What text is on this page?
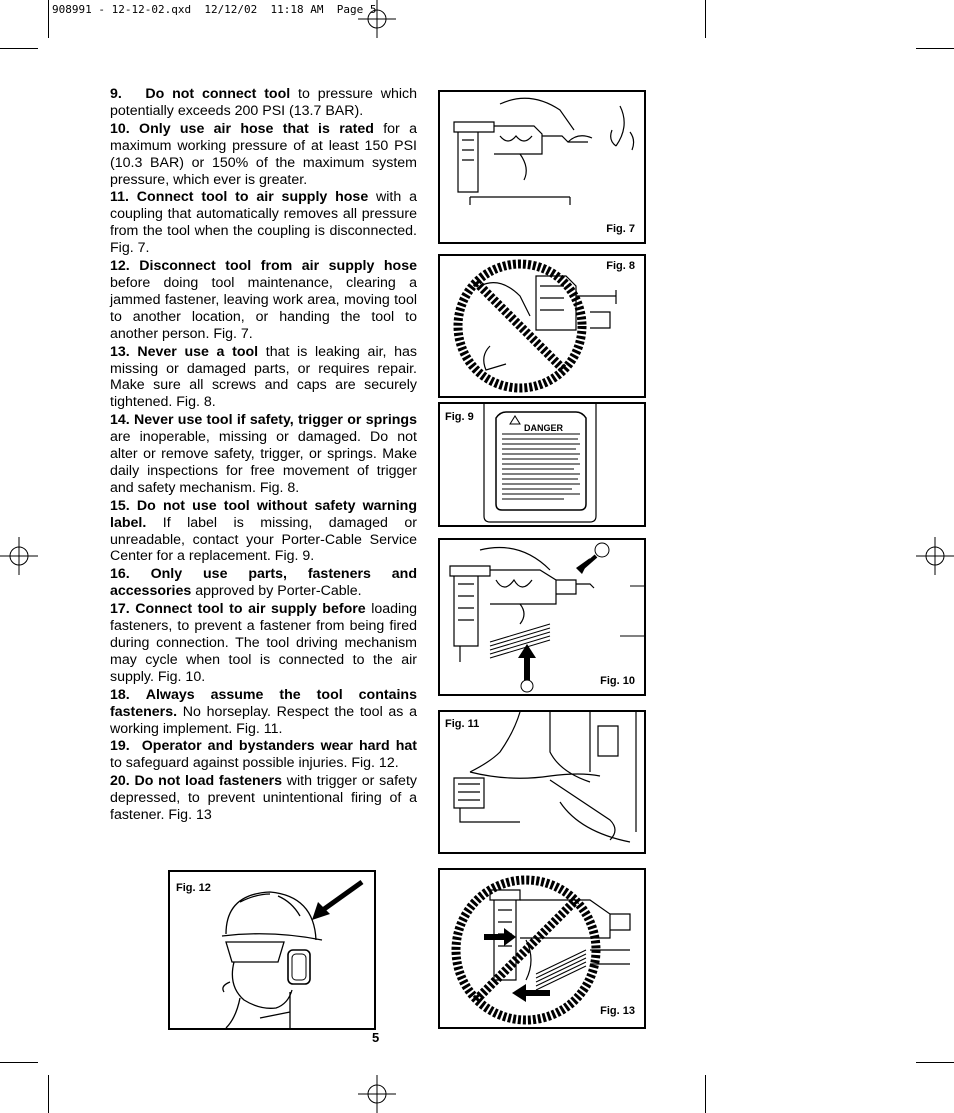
908991 - 12-12-02.qxd  12/12/02  11:18 AM  Page 5

9. Do not connect tool to pressure which potentially exceeds 200 PSI (13.7 BAR).

10. Only use air hose that is rated for a maximum working pressure of at least 150 PSI (10.3 BAR) or 150% of the maximum system pressure, which ever is greater.

11. Connect tool to air supply hose with a coupling that automatically removes all pressure from the tool when the coupling is disconnected. Fig. 7.

12. Disconnect tool from air supply hose before doing tool maintenance, clearing a jammed fastener, leaving work area, moving tool to another location, or handing the tool to another person. Fig. 7.

13. Never use a tool that is leaking air, has missing or damaged parts, or requires repair. Make sure all screws and caps are securely tightened. Fig. 8.

14. Never use tool if safety, trigger or springs are inoperable, missing or damaged. Do not alter or remove safety, trigger, or springs. Make daily inspections for free movement of trigger and safety mechanism. Fig. 8.

15. Do not use tool without safety warning label. If label is missing, damaged or unreadable, contact your Porter-Cable Service Center for a replacement. Fig. 9.

16. Only use parts, fasteners and accessories approved by Porter-Cable.

17. Connect tool to air supply before loading fasteners, to prevent a fastener from being fired during connection. The tool driving mechanism may cycle when tool is connected to the air supply. Fig. 10.

18. Always assume the tool contains fasteners. No horseplay. Respect the tool as a working implement. Fig. 11.

19. Operator and bystanders wear hard hat to safeguard against possible injuries. Fig. 12.

20. Do not load fasteners with trigger or safety depressed, to prevent unintentional firing of a fastener. Fig. 13

Fig. 7
Fig. 8
DANGER
Fig. 9
Fig. 10
Fig. 11
Fig. 12
Fig. 13
5
